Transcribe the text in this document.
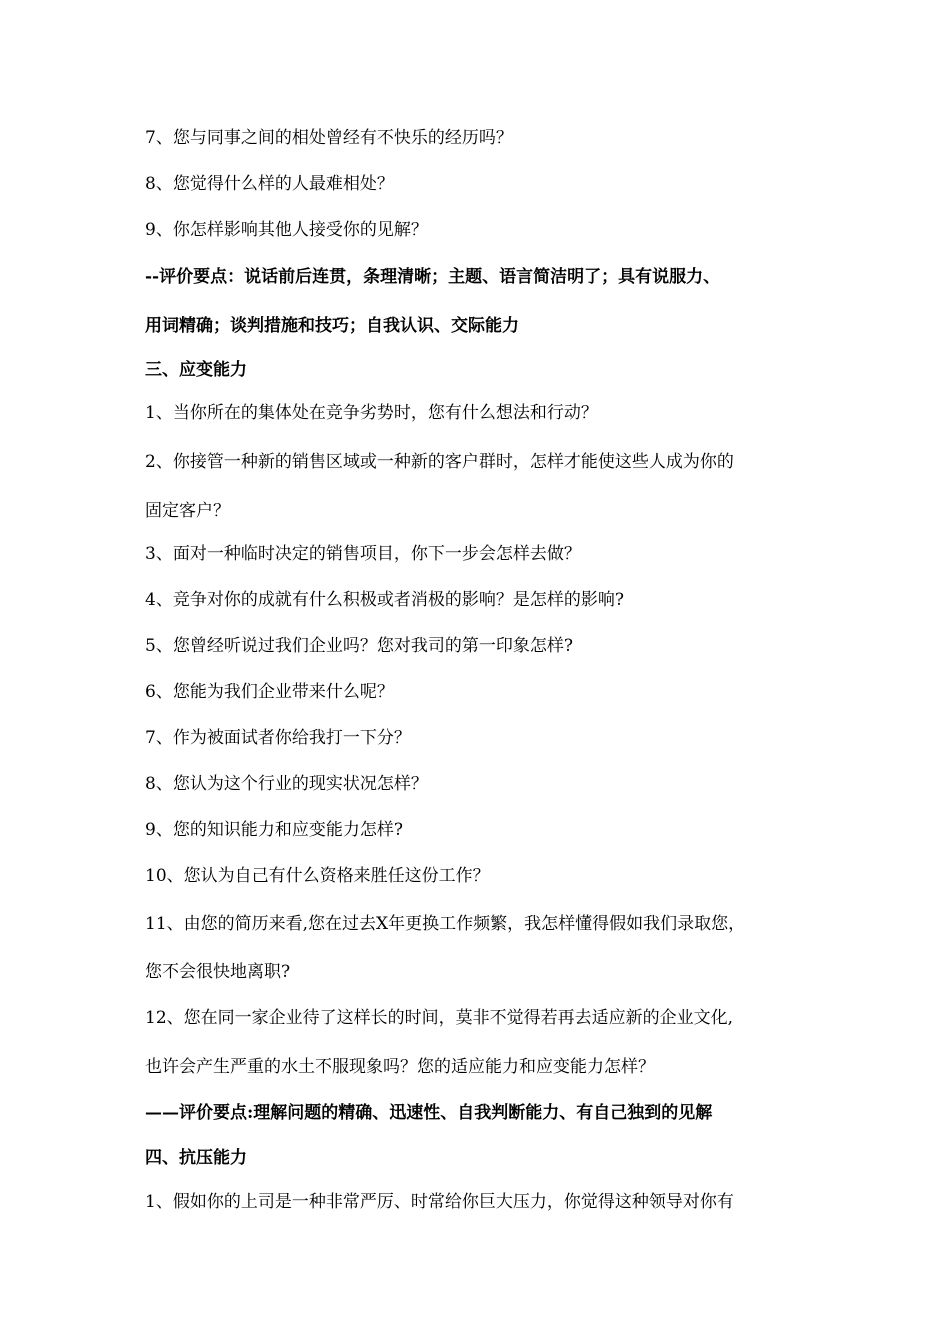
7、您与同事之间的相处曾经有不快乐的经历吗？
8、您觉得什么样的人最难相处？
9、你怎样影响其他人接受你的见解？
--评价要点：说话前后连贯，条理清晰；主题、语言简洁明了；具有说服力、
用词精确；谈判措施和技巧；自我认识、交际能力
三、应变能力
1、当你所在的集体处在竞争劣势时，您有什么想法和行动？
2、你接管一种新的销售区域或一种新的客户群时，怎样才能使这些人成为你的
固定客户？
3、面对一种临时决定的销售项目，你下一步会怎样去做？
4、竞争对你的成就有什么积极或者消极的影响？是怎样的影响?
5、您曾经听说过我们企业吗？您对我司的第一印象怎样?
6、您能为我们企业带来什么呢？
7、作为被面试者你给我打一下分？
8、您认为这个行业的现实状况怎样？
9、您的知识能力和应变能力怎样?
10、您认为自己有什么资格来胜任这份工作？
11、由您的简历来看,您在过去X年更换工作频繁，我怎样懂得假如我们录取您，
您不会很快地离职?
12、您在同一家企业待了这样长的时间，莫非不觉得若再去适应新的企业文化,
也许会产生严重的水土不服现象吗？您的适应能力和应变能力怎样？
——评价要点:理解问题的精确、迅速性、自我判断能力、有自己独到的见解
四、抗压能力
1、假如你的上司是一种非常严厉、时常给你巨大压力，你觉得这种领导对你有
